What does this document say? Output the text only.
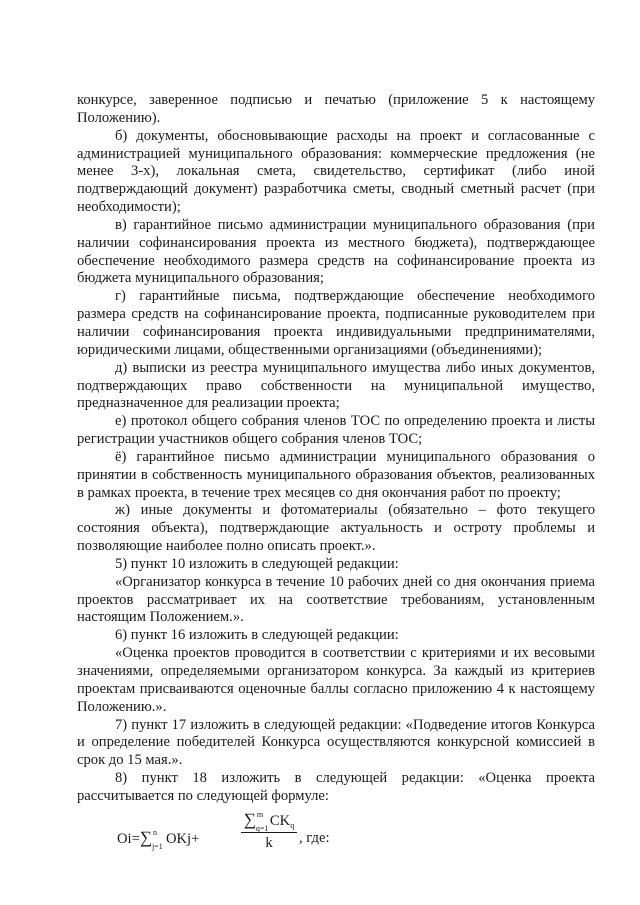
конкурсе, заверенное подписью и печатью (приложение 5 к настоящему Положению).

б) документы, обосновывающие расходы на проект и согласованные с администрацией муниципального образования: коммерческие предложения (не менее 3-х), локальная смета, свидетельство, сертификат (либо иной подтверждающий документ) разработчика сметы, сводный сметный расчет (при необходимости);

в) гарантийное письмо администрации муниципального образования (при наличии софинансирования проекта из местного бюджета), подтверждающее обеспечение необходимого размера средств на софинансирование проекта из бюджета муниципального образования;

г) гарантийные письма, подтверждающие обеспечение необходимого размера средств на софинансирование проекта, подписанные руководителем при наличии софинансирования проекта индивидуальными предпринимателями, юридическими лицами, общественными организациями (объединениями);

д) выписки из реестра муниципального имущества либо иных документов, подтверждающих право собственности на муниципальной имущество, предназначенное для реализации проекта;

е) протокол общего собрания членов ТОС по определению проекта и листы регистрации участников общего собрания членов ТОС;

ё) гарантийное письмо администрации муниципального образования о принятии в собственность муниципального образования объектов, реализованных в рамках проекта, в течение трех месяцев со дня окончания работ по проекту;

ж) иные документы и фотоматериалы (обязательно – фото текущего состояния объекта), подтверждающие актуальность и остроту проблемы и позволяющие наиболее полно описать проект.».

5) пункт 10 изложить в следующей редакции:

«Организатор конкурса в течение 10 рабочих дней со дня окончания приема проектов рассматривает их на соответствие требованиям, установленным настоящим Положением.».

6) пункт 16 изложить в следующей редакции:

«Оценка проектов проводится в соответствии с критериями и их весовыми значениями, определяемыми организатором конкурса. За каждый из критериев проектам присваиваются оценочные баллы согласно приложению 4 к настоящему Положению.».

7) пункт 17 изложить в следующей редакции: «Подведение итогов Конкурса и определение победителей Конкурса осуществляются конкурсной комиссией в срок до 15 мая.».

8) пункт 18 изложить в следующей редакции: «Оценка проекта рассчитывается по следующей формуле:

Oi=∑ n
j=1
OKj+
∑ m
q=1
$CK_q$
k	, где:
